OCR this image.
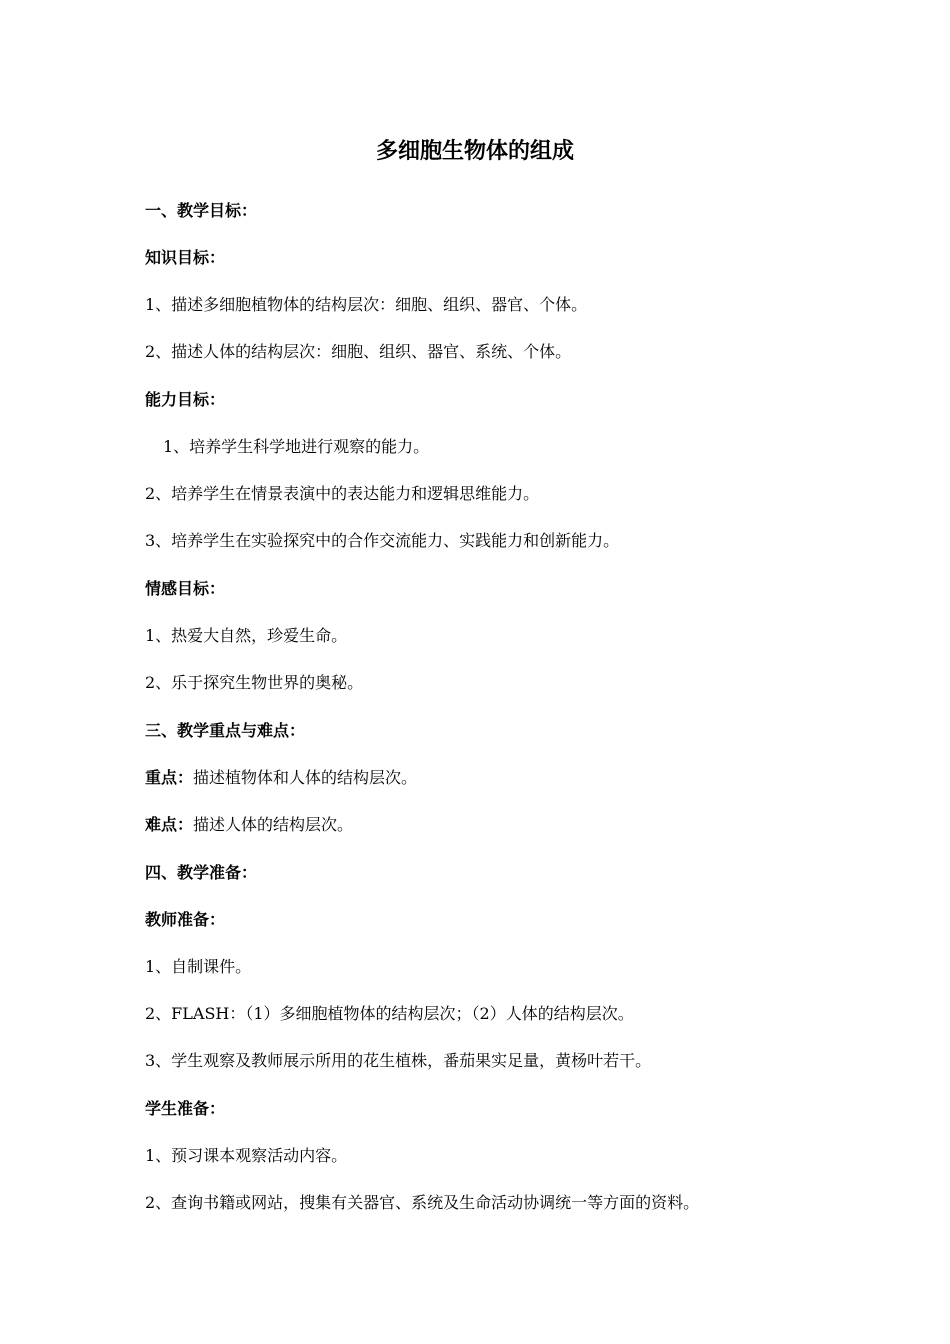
多细胞生物体的组成

一、教学目标：

知识目标：

1、描述多细胞植物体的结构层次：细胞、组织、器官、个体。

2、描述人体的结构层次：细胞、组织、器官、系统、个体。

能力目标：

1、培养学生科学地进行观察的能力。

2、培养学生在情景表演中的表达能力和逻辑思维能力。

3、培养学生在实验探究中的合作交流能力、实践能力和创新能力。

情感目标：

1、热爱大自然，珍爱生命。

2、乐于探究生物世界的奥秘。

三、教学重点与难点：

重点：描述植物体和人体的结构层次。

难点：描述人体的结构层次。

四、教学准备：

教师准备：

1、自制课件。

2、FLASH：（1）多细胞植物体的结构层次；（2）人体的结构层次。

3、学生观察及教师展示所用的花生植株，番茄果实足量，黄杨叶若干。

学生准备：

1、预习课本观察活动内容。

2、查询书籍或网站，搜集有关器官、系统及生命活动协调统一等方面的资料。
